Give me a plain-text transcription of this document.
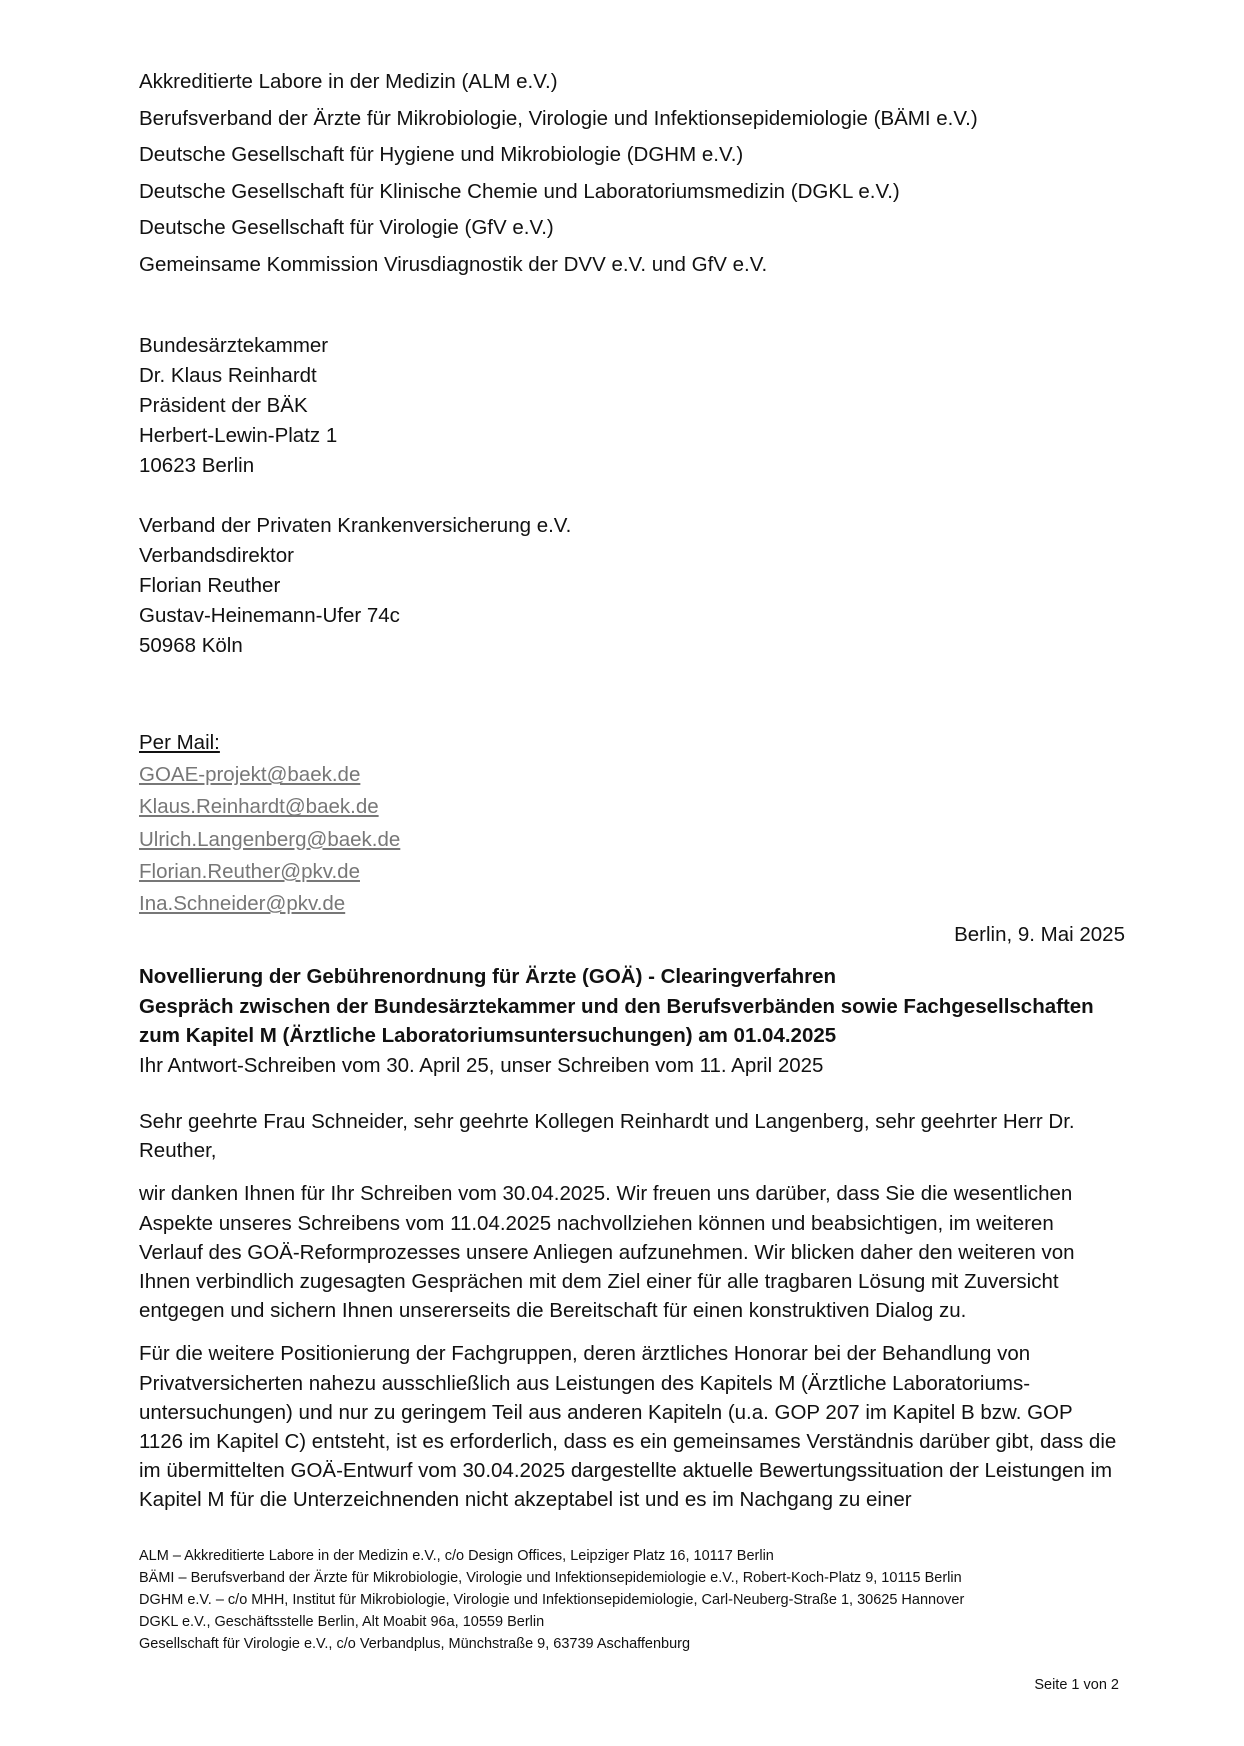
Akkreditierte Labore in der Medizin (ALM e.V.)
Berufsverband der Ärzte für Mikrobiologie, Virologie und Infektionsepidemiologie (BÄMI e.V.)
Deutsche Gesellschaft für Hygiene und Mikrobiologie (DGHM e.V.)
Deutsche Gesellschaft für Klinische Chemie und Laboratoriumsmedizin (DGKL e.V.)
Deutsche Gesellschaft für Virologie (GfV e.V.)
Gemeinsame Kommission Virusdiagnostik der DVV e.V. und GfV e.V.
Bundesärztekammer
Dr. Klaus Reinhardt
Präsident der BÄK
Herbert-Lewin-Platz 1
10623 Berlin
Verband der Privaten Krankenversicherung e.V.
Verbandsdirektor
Florian Reuther
Gustav-Heinemann-Ufer 74c
50968 Köln
Per Mail:
GOAE-projekt@baek.de
Klaus.Reinhardt@baek.de
Ulrich.Langenberg@baek.de
Florian.Reuther@pkv.de
Ina.Schneider@pkv.de
Berlin, 9. Mai 2025
Novellierung der Gebührenordnung für Ärzte (GOÄ) - Clearingverfahren
Gespräch zwischen der Bundesärztekammer und den Berufsverbänden sowie Fachgesellschaften zum Kapitel M (Ärztliche Laboratoriumsuntersuchungen) am 01.04.2025
Ihr Antwort-Schreiben vom 30. April 25, unser Schreiben vom 11. April 2025

Sehr geehrte Frau Schneider, sehr geehrte Kollegen Reinhardt und Langenberg, sehr geehrter Herr Dr. Reuther,

wir danken Ihnen für Ihr Schreiben vom 30.04.2025. Wir freuen uns darüber, dass Sie die wesentlichen Aspekte unseres Schreibens vom 11.04.2025 nachvollziehen können und beabsichtigen, im weiteren Verlauf des GOÄ-Reformprozesses unsere Anliegen aufzunehmen. Wir blicken daher den weiteren von Ihnen verbindlich zugesagten Gesprächen mit dem Ziel einer für alle tragbaren Lösung mit Zuversicht entgegen und sichern Ihnen unsererseits die Bereitschaft für einen konstruktiven Dialog zu.

Für die weitere Positionierung der Fachgruppen, deren ärztliches Honorar bei der Behandlung von Privatversicherten nahezu ausschließlich aus Leistungen des Kapitels M (Ärztliche Laboratoriums-untersuchungen) und nur zu geringem Teil aus anderen Kapiteln (u.a. GOP 207 im Kapitel B bzw. GOP 1126 im Kapitel C) entsteht, ist es erforderlich, dass es ein gemeinsames Verständnis darüber gibt, dass die im übermittelten GOÄ-Entwurf vom 30.04.2025 dargestellte aktuelle Bewertungssituation der Leistungen im Kapitel M für die Unterzeichnenden nicht akzeptabel ist und es im Nachgang zu einer

ALM – Akkreditierte Labore in der Medizin e.V., c/o Design Offices, Leipziger Platz 16, 10117 Berlin
BÄMI – Berufsverband der Ärzte für Mikrobiologie, Virologie und Infektionsepidemiologie e.V., Robert-Koch-Platz 9, 10115 Berlin
DGHM e.V. – c/o MHH, Institut für Mikrobiologie, Virologie und Infektionsepidemiologie, Carl-Neuberg-Straße 1, 30625 Hannover
DGKL e.V., Geschäftsstelle Berlin, Alt Moabit 96a, 10559 Berlin
Gesellschaft für Virologie e.V., c/o Verbandplus, Münchstraße 9, 63739 Aschaffenburg
Seite 1 von 2
